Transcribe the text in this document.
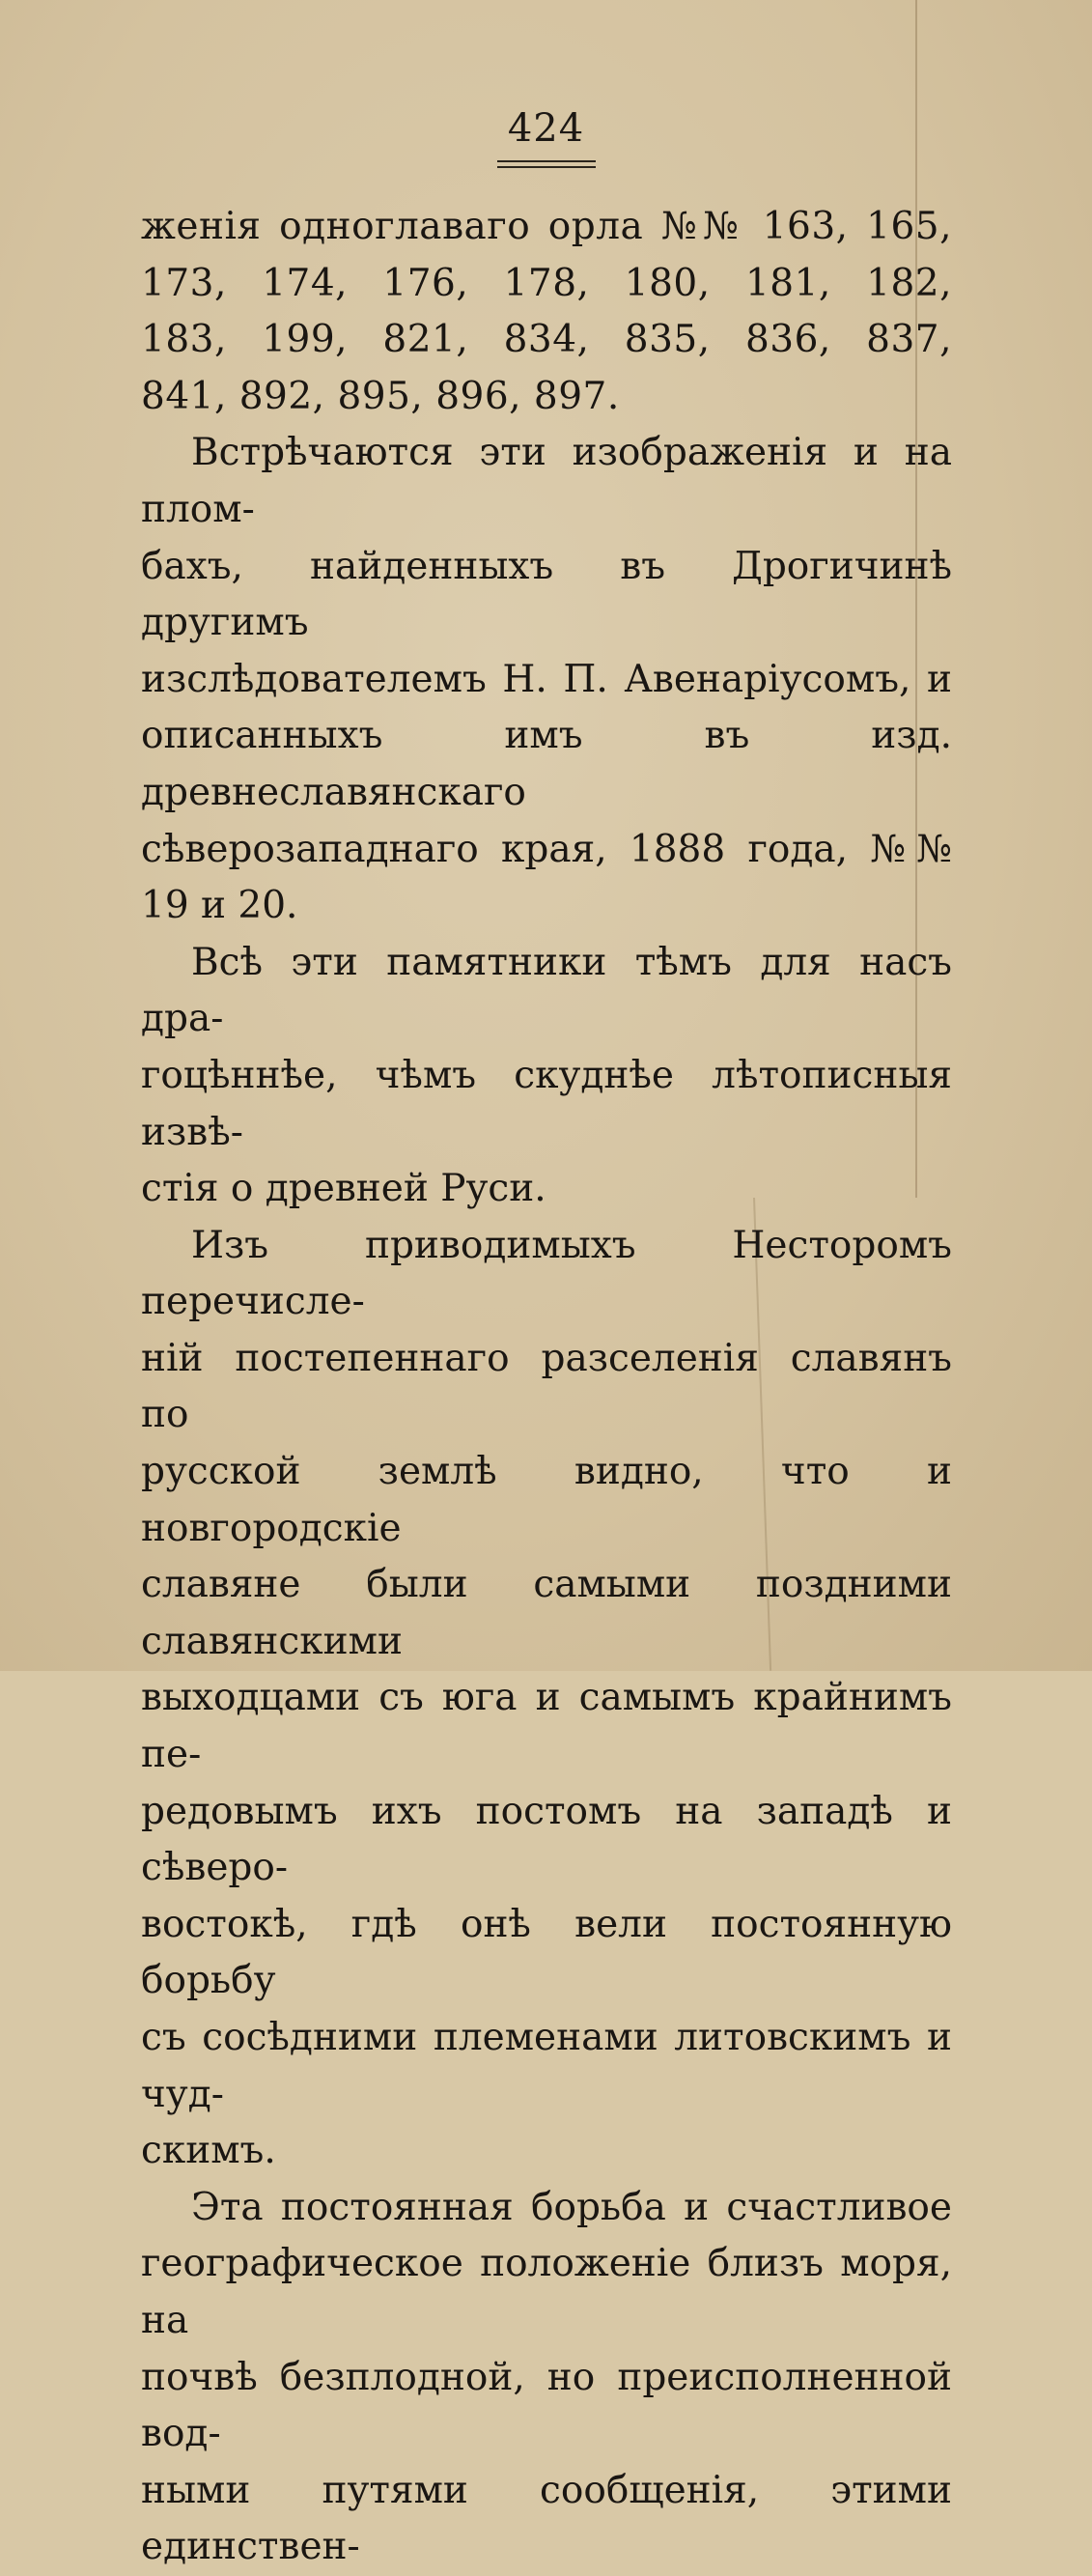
424

женія одноглаваго орла №№ 163, 165,

173, 174, 176, 178, 180, 181, 182,

183, 199, 821, 834, 835, 836, 837,

841, 892, 895, 896, 897.

Встрѣчаются эти изображенія и на плом-

бахъ, найденныхъ въ Дрогичинѣ другимъ

изслѣдователемъ Н. П. Авенаріусомъ, и

описанныхъ имъ въ изд. древнеславянскаго

сѣверозападнаго края, 1888 года, №№

19 и 20.

Всѣ эти памятники тѣмъ для насъ дра-

гоцѣннѣе, чѣмъ скуднѣе лѣтописныя извѣ-

стія о древней Руси.

Изъ приводимыхъ Несторомъ перечисле-

ній постепеннаго разселенія славянъ по

русской землѣ видно, что и новгородскіе

славяне были самыми поздними славянскими

выходцами съ юга и самымъ крайнимъ пе-

редовымъ ихъ постомъ на западѣ и сѣверо-

востокѣ, гдѣ онѣ вели постоянную борьбу

съ сосѣдними племенами литовскимъ и чуд-

скимъ.

Эта постоянная борьба и счастливое

географическое положеніе близъ моря, на

почвѣ безплодной, но преисполненной вод-

ными путями сообщенія, этими единствен-
